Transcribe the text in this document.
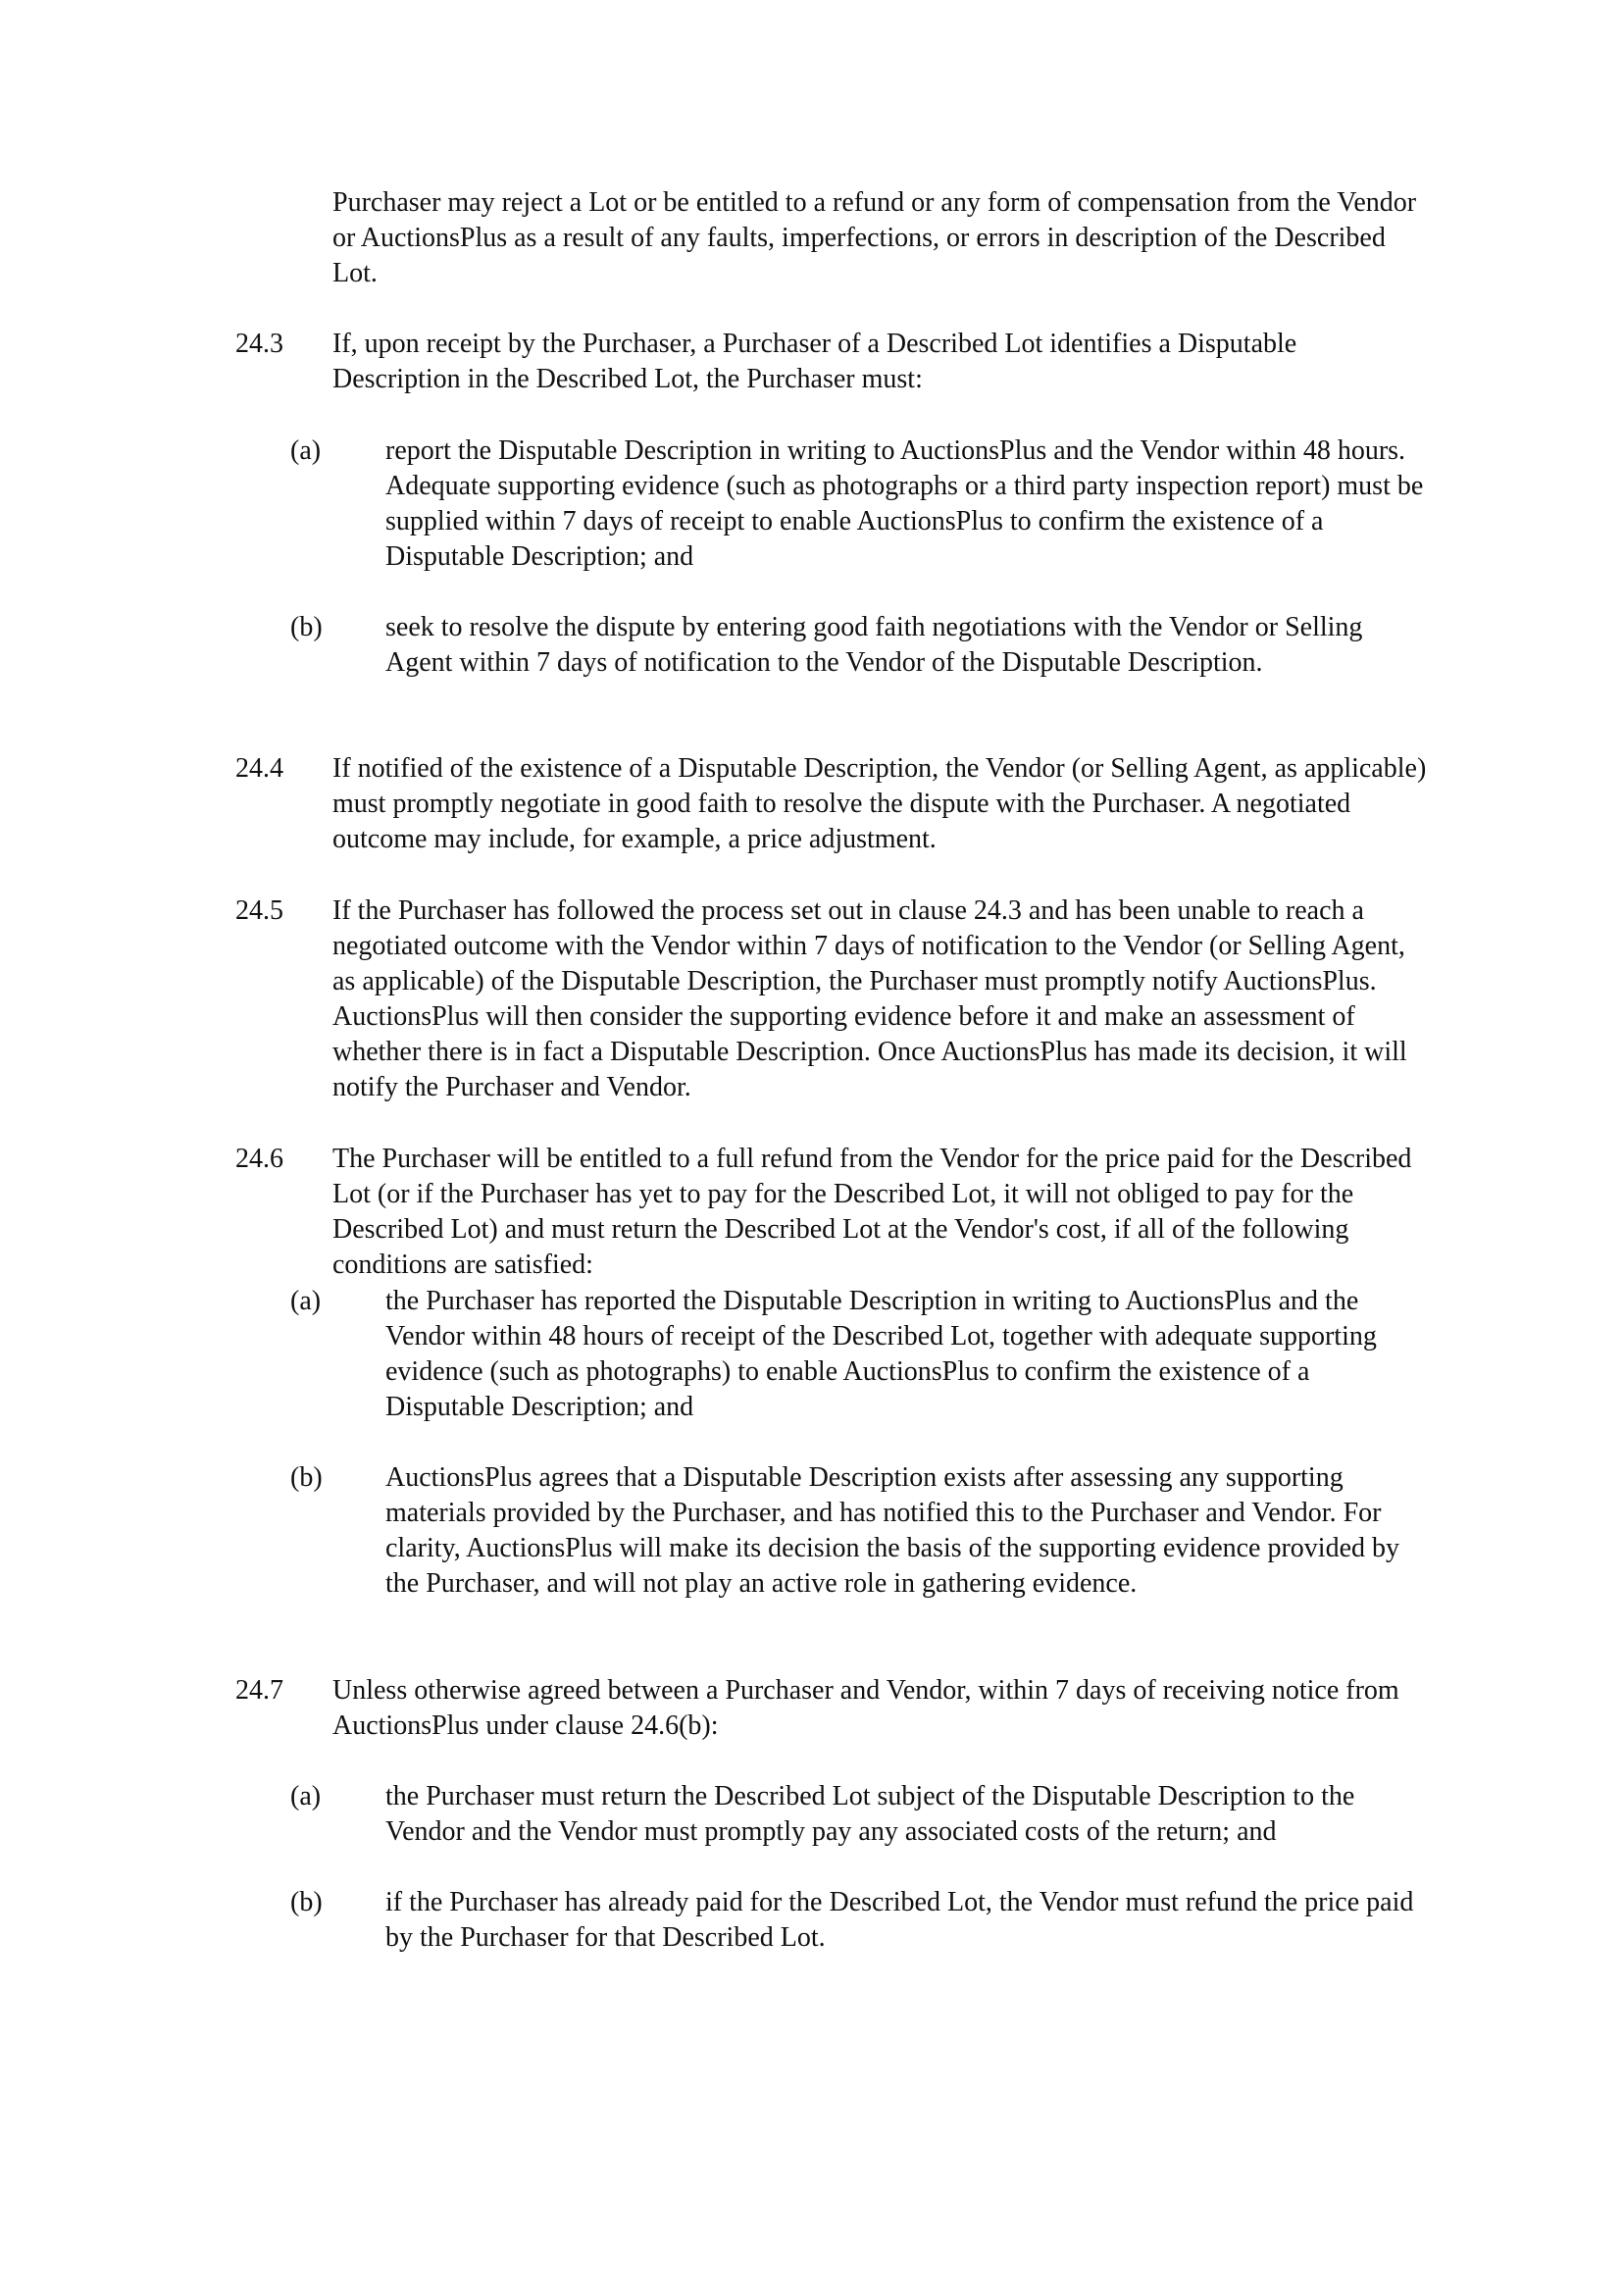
Purchaser may reject a Lot or be entitled to a refund or any form of compensation from the Vendor or AuctionsPlus as a result of any faults, imperfections, or errors in description of the Described Lot.
24.3 If, upon receipt by the Purchaser, a Purchaser of a Described Lot identifies a Disputable Description in the Described Lot, the Purchaser must:
(a) report the Disputable Description in writing to AuctionsPlus and the Vendor within 48 hours. Adequate supporting evidence (such as photographs or a third party inspection report) must be supplied within 7 days of receipt to enable AuctionsPlus to confirm the existence of a Disputable Description; and
(b) seek to resolve the dispute by entering good faith negotiations with the Vendor or Selling Agent within 7 days of notification to the Vendor of the Disputable Description.
24.4 If notified of the existence of a Disputable Description, the Vendor (or Selling Agent, as applicable) must promptly negotiate in good faith to resolve the dispute with the Purchaser. A negotiated outcome may include, for example, a price adjustment.
24.5 If the Purchaser has followed the process set out in clause 24.3 and has been unable to reach a negotiated outcome with the Vendor within 7 days of notification to the Vendor (or Selling Agent, as applicable) of the Disputable Description, the Purchaser must promptly notify AuctionsPlus. AuctionsPlus will then consider the supporting evidence before it and make an assessment of whether there is in fact a Disputable Description. Once AuctionsPlus has made its decision, it will notify the Purchaser and Vendor.
24.6 The Purchaser will be entitled to a full refund from the Vendor for the price paid for the Described Lot (or if the Purchaser has yet to pay for the Described Lot, it will not obliged to pay for the Described Lot) and must return the Described Lot at the Vendor's cost, if all of the following conditions are satisfied:
(a) the Purchaser has reported the Disputable Description in writing to AuctionsPlus and the Vendor within 48 hours of receipt of the Described Lot, together with adequate supporting evidence (such as photographs) to enable AuctionsPlus to confirm the existence of a Disputable Description; and
(b) AuctionsPlus agrees that a Disputable Description exists after assessing any supporting materials provided by the Purchaser, and has notified this to the Purchaser and Vendor. For clarity, AuctionsPlus will make its decision the basis of the supporting evidence provided by the Purchaser, and will not play an active role in gathering evidence.
24.7 Unless otherwise agreed between a Purchaser and Vendor, within 7 days of receiving notice from AuctionsPlus under clause 24.6(b):
(a) the Purchaser must return the Described Lot subject of the Disputable Description to the Vendor and the Vendor must promptly pay any associated costs of the return; and
(b) if the Purchaser has already paid for the Described Lot, the Vendor must refund the price paid by the Purchaser for that Described Lot.
